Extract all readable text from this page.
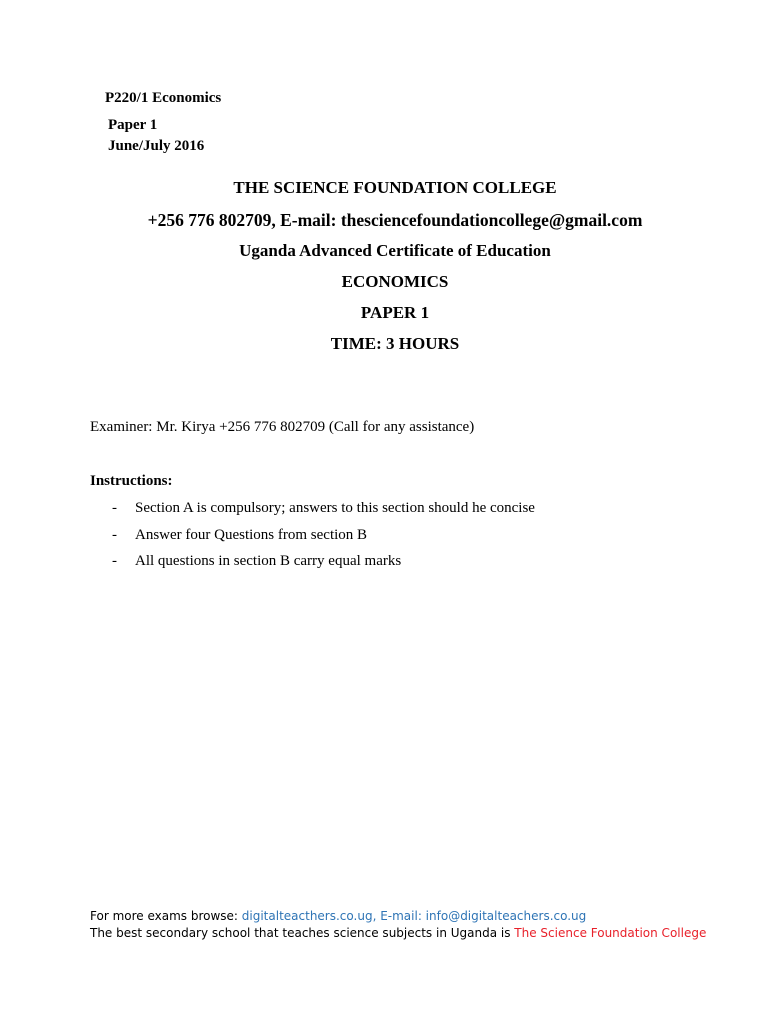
P220/1 Economics
Paper 1
June/July 2016
THE SCIENCE FOUNDATION COLLEGE
+256 776 802709, E-mail: thesciencefoundationcollege@gmail.com
Uganda Advanced Certificate of Education
ECONOMICS
PAPER 1
TIME: 3 HOURS
Examiner: Mr. Kirya +256 776 802709 (Call for any assistance)
Instructions:
- Section A is compulsory; answers to this section should he concise
- Answer four Questions from section B
- All questions in section B carry equal marks
For more exams browse: digitalteacthers.co.ug, E-mail: info@digitalteachers.co.ug
The best secondary school that teaches science subjects in Uganda is The Science Foundation College
